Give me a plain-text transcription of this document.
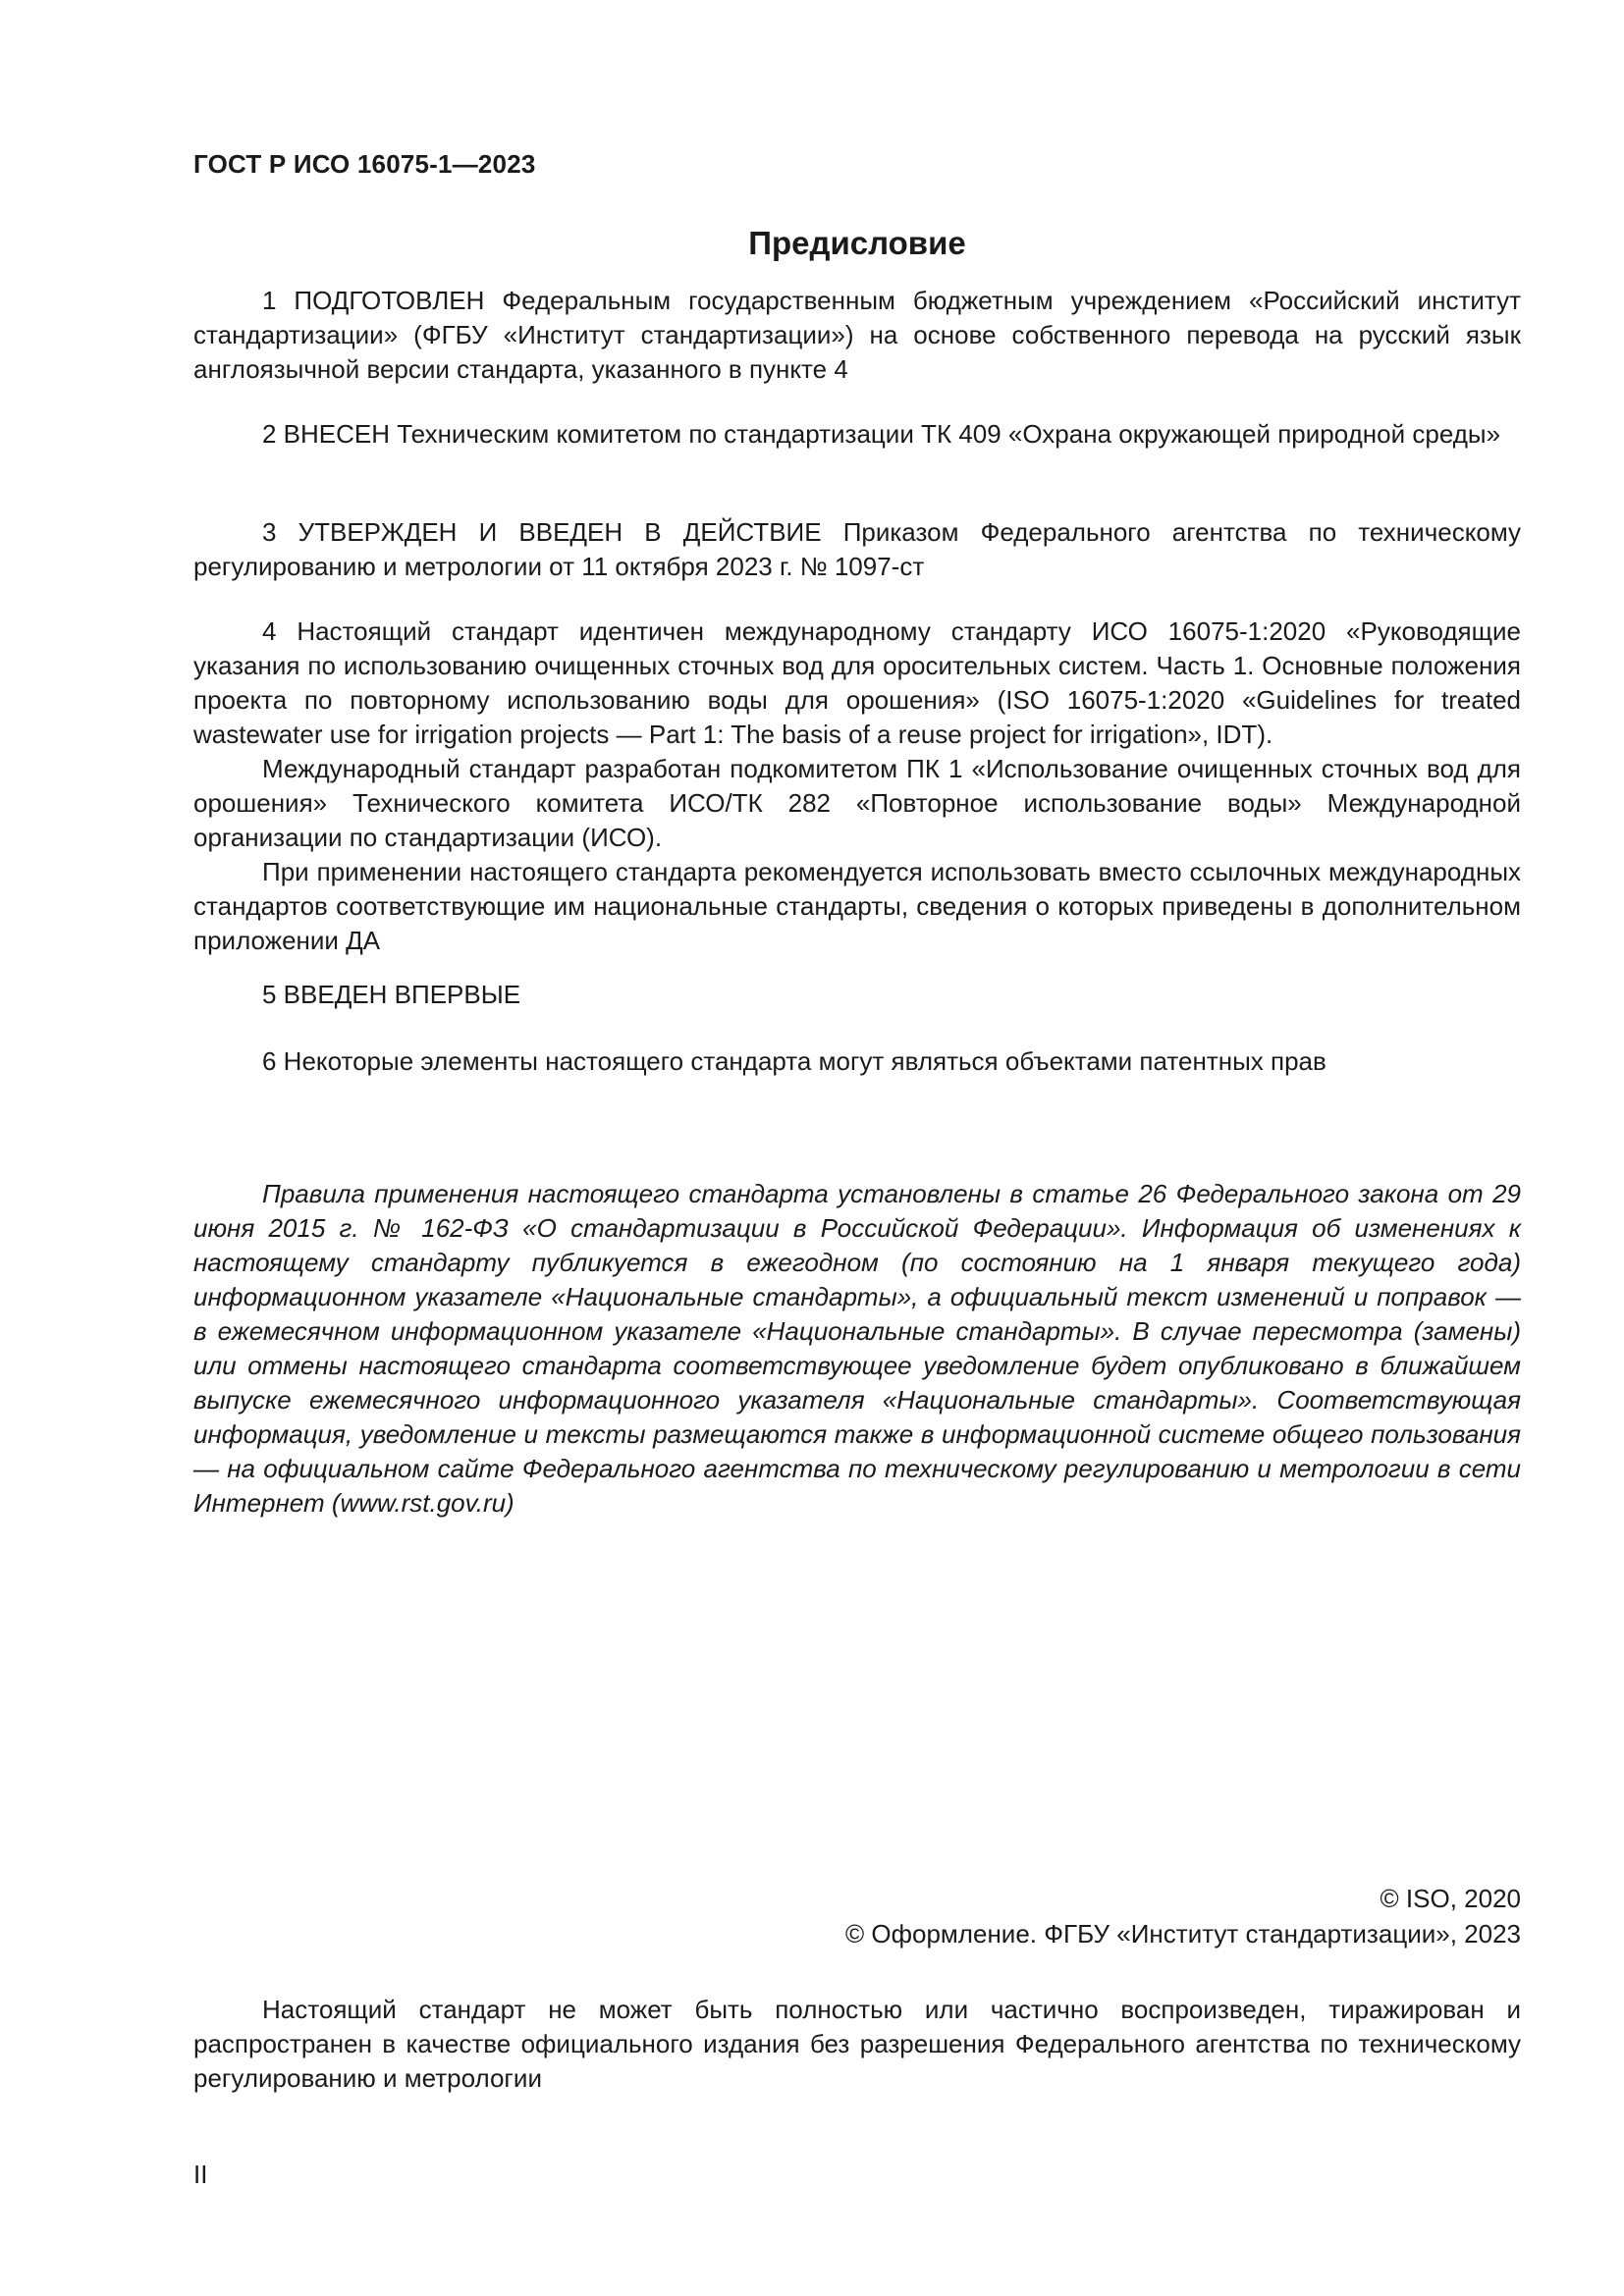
ГОСТ Р ИСО 16075-1—2023
Предисловие

1 ПОДГОТОВЛЕН Федеральным государственным бюджетным учреждением «Российский институт стандартизации» (ФГБУ «Институт стандартизации») на основе собственного перевода на русский язык англоязычной версии стандарта, указанного в пункте 4

2 ВНЕСЕН Техническим комитетом по стандартизации ТК 409 «Охрана окружающей природной среды»

3 УТВЕРЖДЕН И ВВЕДЕН В ДЕЙСТВИЕ Приказом Федерального агентства по техническому регулированию и метрологии от 11 октября 2023 г. № 1097-ст

4 Настоящий стандарт идентичен международному стандарту ИСО 16075-1:2020 «Руководящие указания по использованию очищенных сточных вод для оросительных систем. Часть 1. Основные положения проекта по повторному использованию воды для орошения» (ISO 16075-1:2020 «Guidelines for treated wastewater use for irrigation projects — Part 1: The basis of a reuse project for irrigation», IDT).

Международный стандарт разработан подкомитетом ПК 1 «Использование очищенных сточных вод для орошения» Технического комитета ИСО/ТК 282 «Повторное использование воды» Международной организации по стандартизации (ИСО).

При применении настоящего стандарта рекомендуется использовать вместо ссылочных международных стандартов соответствующие им национальные стандарты, сведения о которых приведены в дополнительном приложении ДА

5 ВВЕДЕН ВПЕРВЫЕ

6 Некоторые элементы настоящего стандарта могут являться объектами патентных прав

Правила применения настоящего стандарта установлены в статье 26 Федерального закона от 29 июня 2015 г. № 162-ФЗ «О стандартизации в Российской Федерации». Информация об изменениях к настоящему стандарту публикуется в ежегодном (по состоянию на 1 января текущего года) информационном указателе «Национальные стандарты», а официальный текст изменений и поправок — в ежемесячном информационном указателе «Национальные стандарты». В случае пересмотра (замены) или отмены настоящего стандарта соответствующее уведомление будет опубликовано в ближайшем выпуске ежемесячного информационного указателя «Национальные стандарты». Соответствующая информация, уведомление и тексты размещаются также в информационной системе общего пользования — на официальном сайте Федерального агентства по техническому регулированию и метрологии в сети Интернет (www.rst.gov.ru)

© ISO, 2020
© Оформление. ФГБУ «Институт стандартизации», 2023

Настоящий стандарт не может быть полностью или частично воспроизведен, тиражирован и распространен в качестве официального издания без разрешения Федерального агентства по техническому регулированию и метрологии

II
